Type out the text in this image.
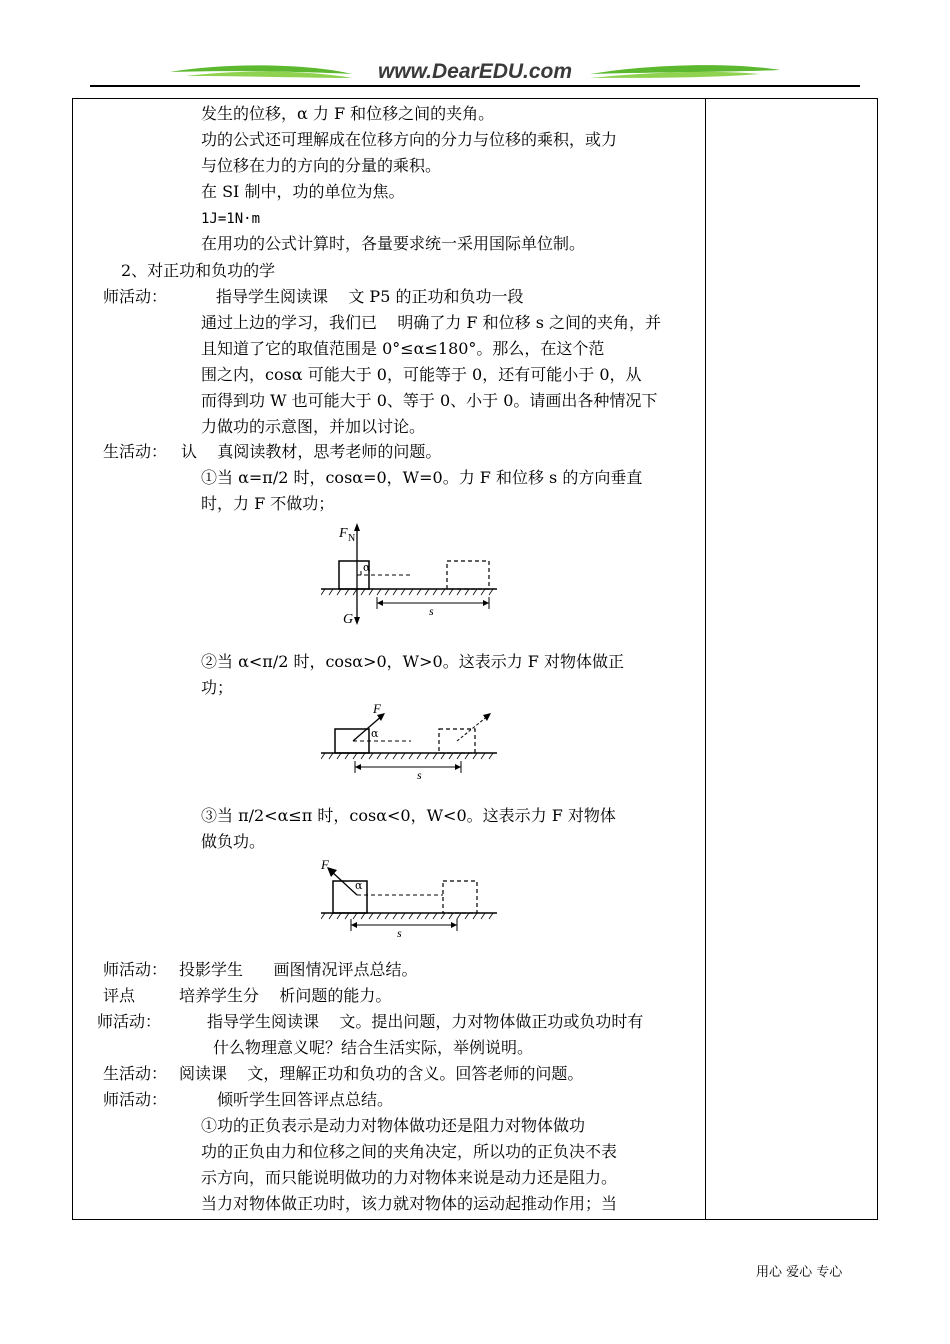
www.DearEDU.com
发生的位移，α 力 F 和位移之间的夹角。
功的公式还可理解成在位移方向的分力与位移的乘积，或力
与位移在力的方向的分量的乘积。
在 SI 制中，功的单位为焦。
1J=1N·m
在用功的公式计算时，各量要求统一采用国际单位制。
2、对正功和负功的学
师活动：	指导学生阅读课    文 P5 的正功和负功一段
通过上边的学习，我们已    明确了力 F 和位移 s 之间的夹角，并
且知道了它的取值范围是 0°≤α≤180°。那么，在这个范
围之内，cosα 可能大于 0，可能等于 0，还有可能小于 0，从
而得到功 W 也可能大于 0、等于 0、小于 0。请画出各种情况下
力做功的示意图，并加以讨论。
生活动： 认    真阅读教材，思考老师的问题。
①当 α=π/2 时，cosα=0，W=0。力 F 和位移 s 的方向垂直
时，力 F 不做功；
F N
G
α
s
②当 α<π/2 时，cosα>0，W>0。这表示力 F 对物体做正
功；
F
α
s
③当 π/2<α≤π 时，cosα<0，W<0。这表示力 F 对物体
做负功。
F
α
s
师活动： 投影学生      画图情况评点总结。
评点	培养学生分    析问题的能力。
师活动：	指导学生阅读课    文。提出问题，力对物体做正功或负功时有
什么物理意义呢？结合生活实际，举例说明。
生活动： 阅读课    文，理解正功和负功的含义。回答老师的问题。
师活动：	倾听学生回答评点总结。
①功的正负表示是动力对物体做功还是阻力对物体做功
功的正负由力和位移之间的夹角决定，所以功的正负决不表
示方向，而只能说明做功的力对物体来说是动力还是阻力。
当力对物体做正功时，该力就对物体的运动起推动作用；当
用心 爱心 专心
